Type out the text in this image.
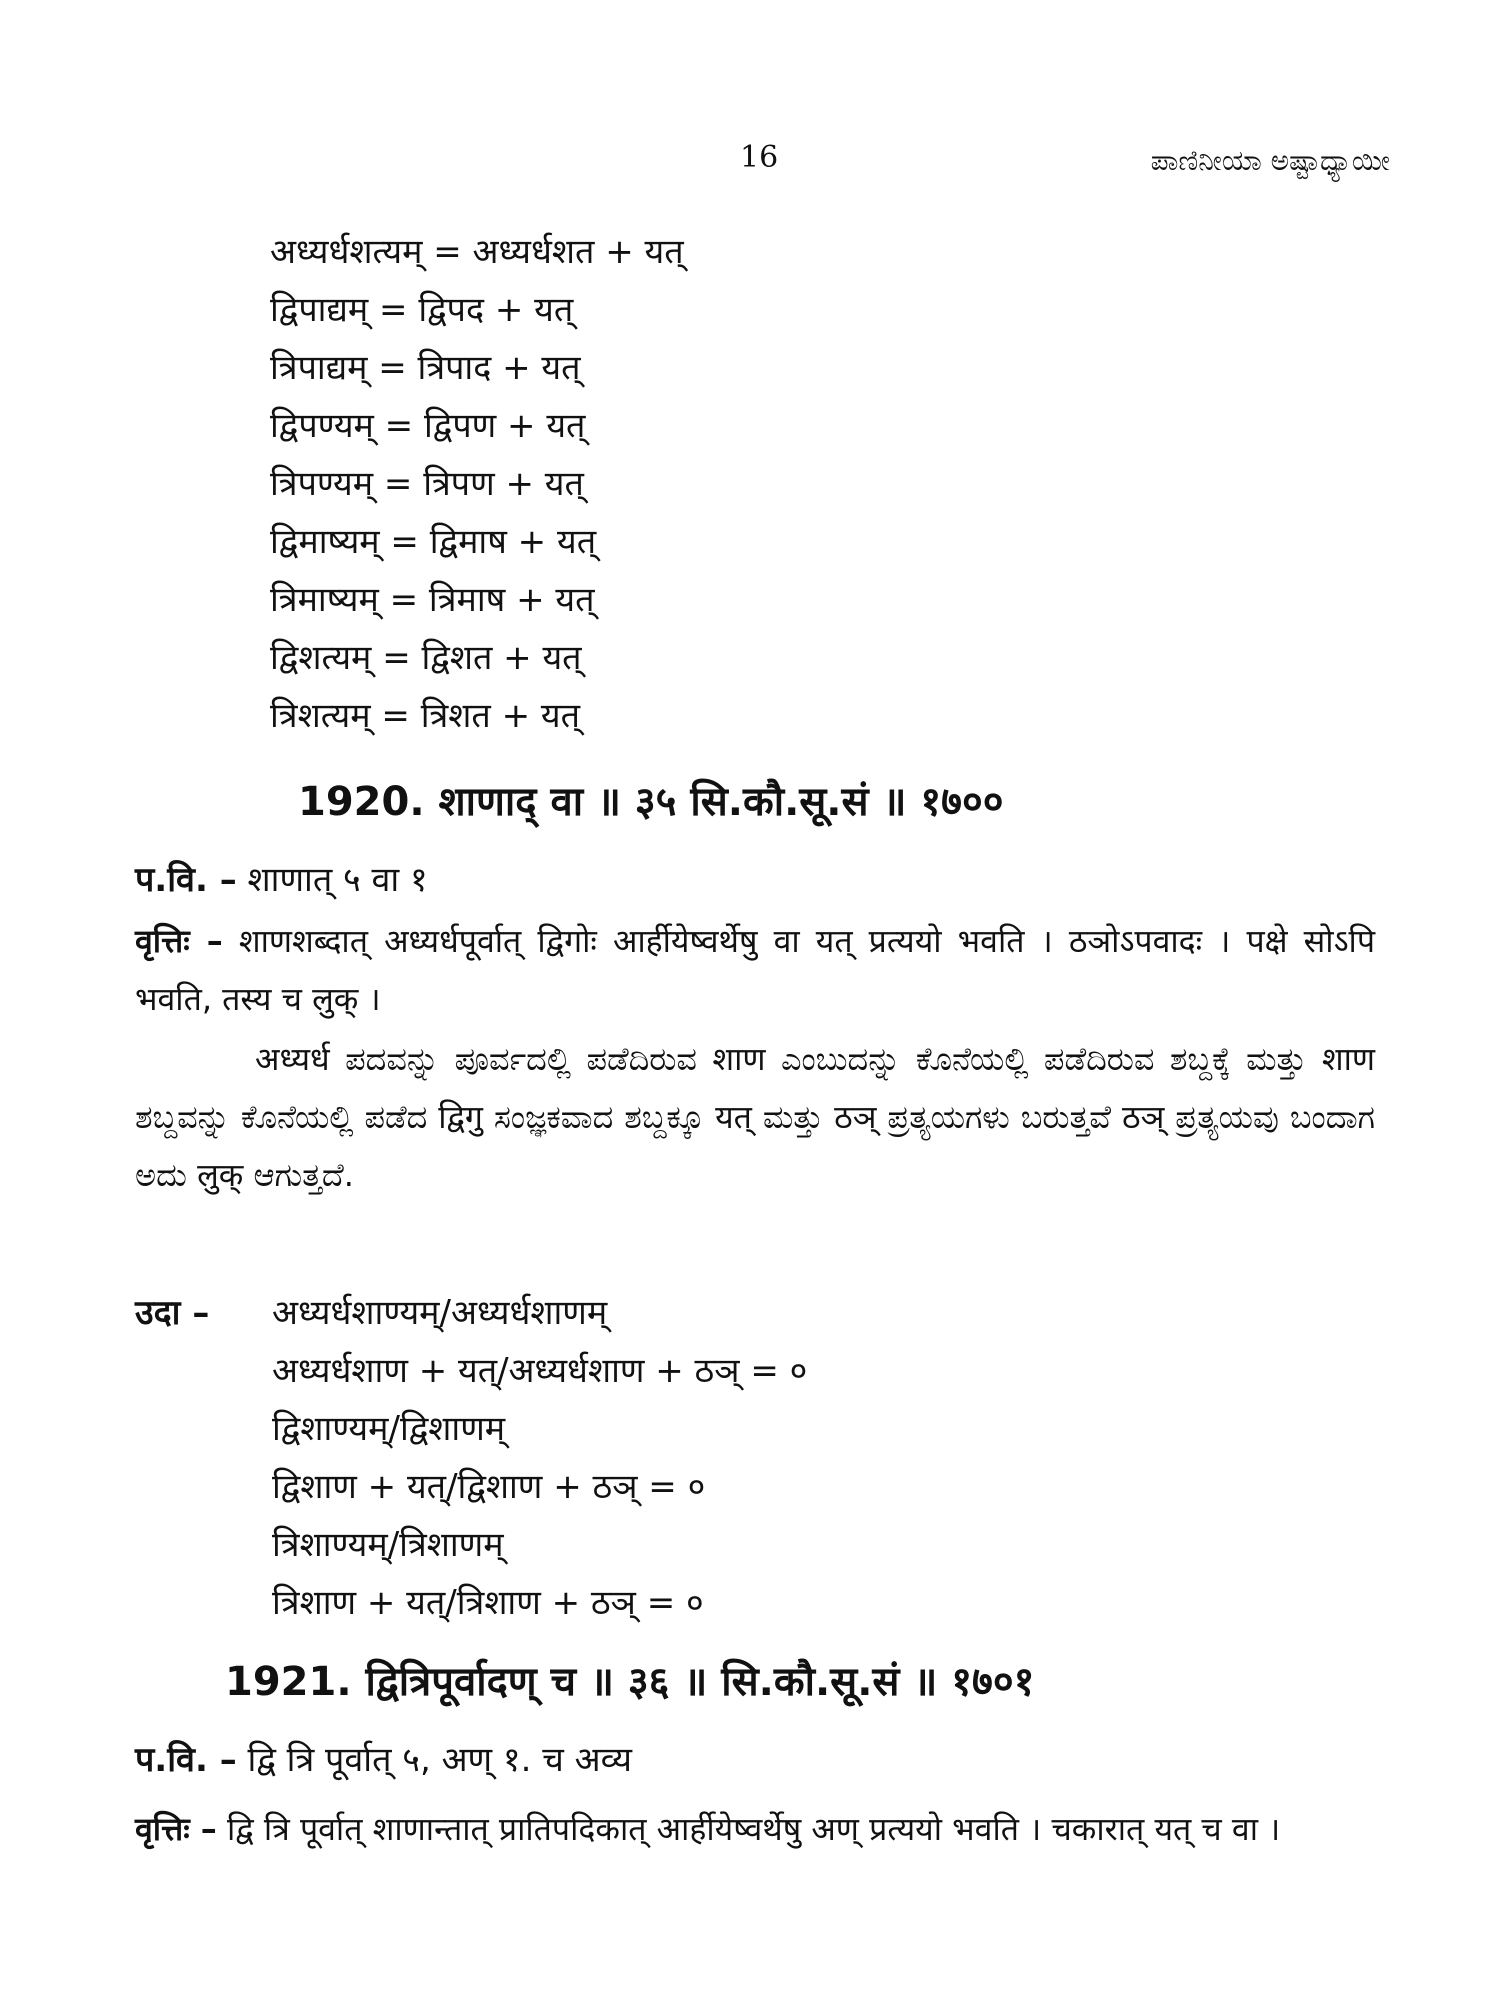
16	ಪಾಣಿನೀಯಾ ಅಷ್ಟಾಧ್ಯಾಯೀ
अध्यर्धशत्यम् = अध्यर्धशत + यत्
द्विपाद्यम् = द्विपद + यत्
त्रिपाद्यम् = त्रिपाद + यत्
द्विपण्यम् = द्विपण + यत्
त्रिपण्यम् = त्रिपण + यत्
द्विमाष्यम् = द्विमाष + यत्
त्रिमाष्यम् = त्रिमाष + यत्
द्विशत्यम् = द्विशत + यत्
त्रिशत्यम् = त्रिशत + यत्
1920. शाणाद् वा ॥ ३५ सि.कौ.सू.सं ॥ १७००
प.वि. – शाणात् ५ वा १
वृत्तिः – शाणशब्दात् अध्यर्धपूर्वात् द्विगोः आर्हीयेष्वर्थेषु वा यत् प्रत्ययो भवति । ठञोऽपवादः । पक्षे सोऽपि भवति, तस्य च लुक् ।
अध्यर्ध ಪದವನ್ನು ಪೂರ್ವದಲ್ಲಿ ಪಡೆದಿರುವ शाण ಎಂಬುದನ್ನು ಕೊನೆಯಲ್ಲಿ ಪಡೆದಿರುವ ಶಬ್ದಕ್ಕೆ ಮತ್ತು शाण ಶಬ್ದವನ್ನು ಕೊನೆಯಲ್ಲಿ ಪಡೆದ द्विगु ಸಂಜ್ಞಕವಾದ ಶಬ್ದಕ್ಕೂ यत् ಮತ್ತು ठञ् ಪ್ರತ್ಯಯಗಳು ಬರುತ್ತವೆ ठञ् ಪ್ರತ್ಯಯವು ಬಂದಾಗ ಅದು लुक् ಆಗುತ್ತದೆ.
उदा – अध्यर्धशाण्यम्/अध्यर्धशाणम्
अध्यर्धशाण + यत्/अध्यर्धशाण + ठञ् = ०
द्विशाण्यम्/द्विशाणम्
द्विशाण + यत्/द्विशाण + ठञ् = ०
त्रिशाण्यम्/त्रिशाणम्
त्रिशाण + यत्/त्रिशाण + ठञ् = ०
1921. द्वित्रिपूर्वादण् च ॥ ३६ ॥ सि.कौ.सू.सं ॥ १७०१
प.वि. – द्वि त्रि पूर्वात् ५, अण् १. च अव्य
वृत्तिः – द्वि त्रि पूर्वात् शाणान्तात् प्रातिपदिकात् आर्हीयेष्वर्थेषु अण् प्रत्ययो भवति । चकारात् यत् च वा ।
